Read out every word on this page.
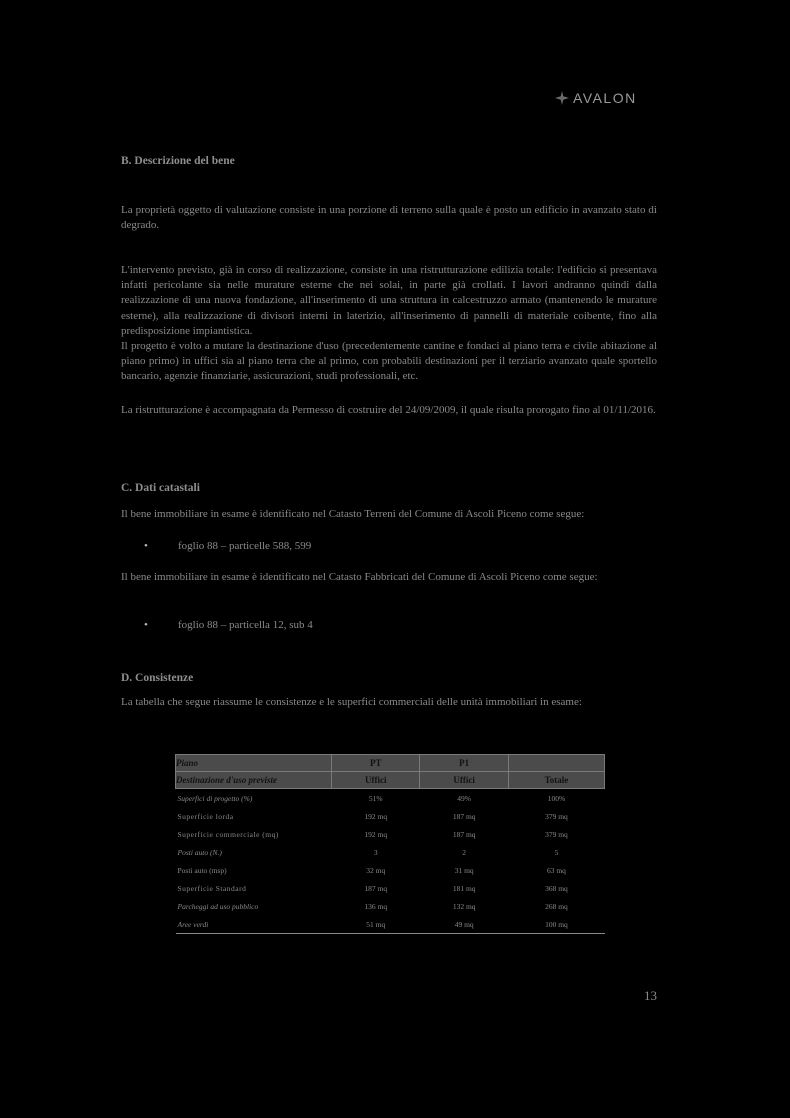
AVALON
B. Descrizione del bene

La proprietà oggetto di valutazione consiste in una porzione di terreno sulla quale è posto un edificio in avanzato stato di degrado.

L'intervento previsto, già in corso di realizzazione, consiste in una ristrutturazione edilizia totale: l'edificio si presentava infatti pericolante sia nelle murature esterne che nei solai, in parte già crollati. I lavori andranno quindi dalla realizzazione di una nuova fondazione, all'inserimento di una struttura in calcestruzzo armato (mantenendo le murature esterne), alla realizzazione di divisori interni in laterizio, all'inserimento di pannelli di materiale coibente, fino alla predisposizione impiantistica.

Il progetto è volto a mutare la destinazione d'uso (precedentemente cantine e fondaci al piano terra e civile abitazione al piano primo) in uffici sia al piano terra che al primo, con probabili destinazioni per il terziario avanzato quale sportello bancario, agenzie finanziarie, assicurazioni, studi professionali, etc.

La ristrutturazione è accompagnata da Permesso di costruire del 24/09/2009, il quale risulta prorogato fino al 01/11/2016.

C. Dati catastali

Il bene immobiliare in esame è identificato nel Catasto Terreni del Comune di Ascoli Piceno come segue:

•	foglio 88 – particelle 588, 599

Il bene immobiliare in esame è identificato nel Catasto Fabbricati del Comune di Ascoli Piceno come segue:

•	foglio 88 – particella 12, sub 4
D. Consistenze

La tabella che segue riassume le consistenze e le superfici commerciali delle unità immobiliari in esame:

Piano	PT	P1	
Destinazione d'uso previste	Uffici	Uffici	Totale
Superfici di progetto (%)	51%	49%	100%
Superficie lorda	192 mq	187 mq	379 mq
Superficie commerciale (mq)	192 mq	187 mq	379 mq
Posti auto (N.)	3	2	5
Posti auto (msp)	32 mq	31 mq	63 mq
Superficie Standard	187 mq	181 mq	368 mq
Parcheggi ad uso pubblico	136 mq	132 mq	268 mq
Aree verdi	51 mq	49 mq	100 mq
13
